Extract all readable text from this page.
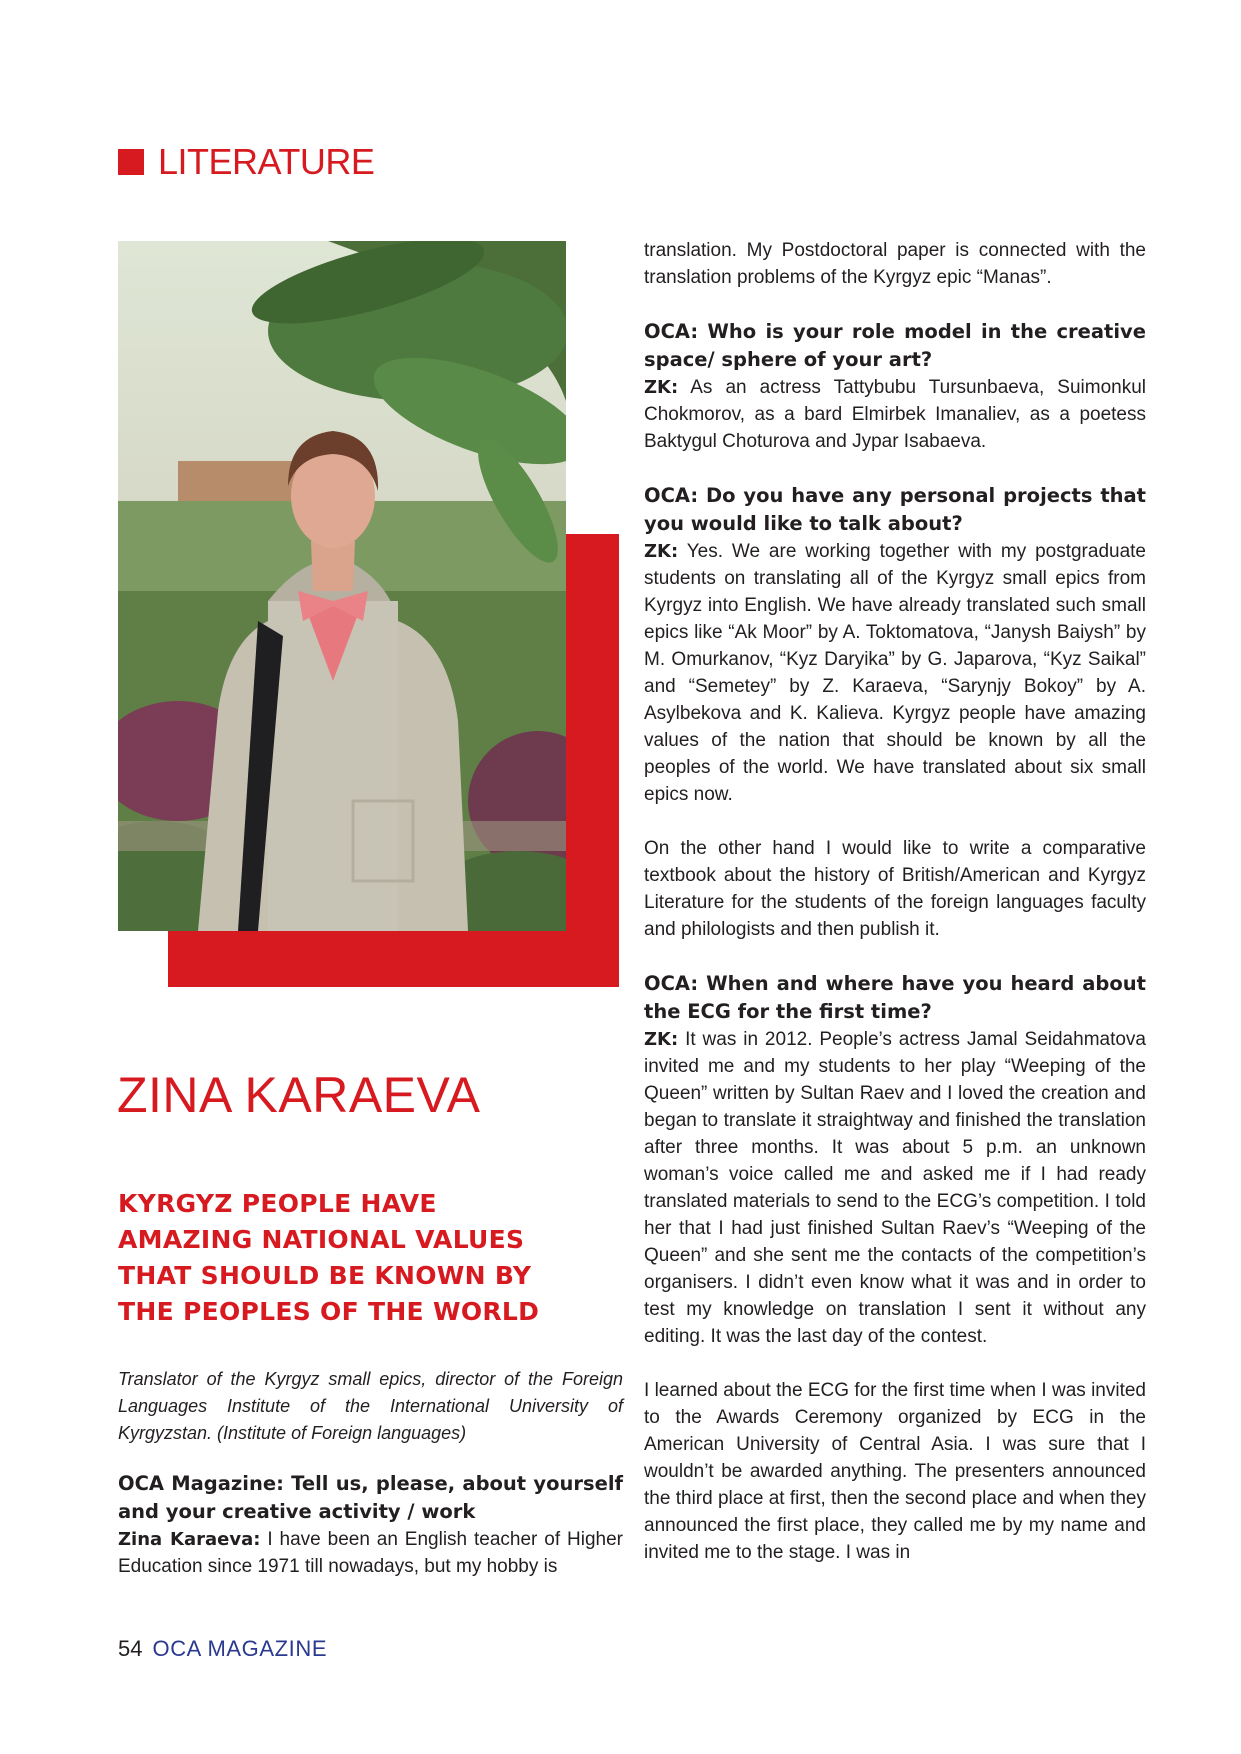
LITERATURE
ZINA KARAEVA
KYRGYZ PEOPLE HAVE
AMAZING NATIONAL VALUES
THAT SHOULD BE KNOWN BY
THE PEOPLES OF THE WORLD
Translator of the Kyrgyz small epics, director of the Foreign Languages Institute of the International University of Kyrgyzstan. (Institute of Foreign languages)
OCA Magazine: Tell us, please, about yourself and your creative activity / work
Zina Karaeva: I have been an English teacher of Higher Education since 1971 till nowadays, but my hobby is

translation. My Postdoctoral paper is connected with the translation problems of the Kyrgyz epic “Manas”.

OCA: Who is your role model in the creative space/ sphere of your art?
ZK: As an actress Tattybubu Tursunbaeva, Suimonkul Chokmorov, as a bard Elmirbek Imanaliev, as a poetess Baktygul Choturova and Jypar Isabaeva.

OCA: Do you have any personal projects that you would like to talk about?
ZK: Yes. We are working together with my postgraduate students on translating all of the Kyrgyz small epics from Kyrgyz into English. We have already translated such small epics like “Ak Moor” by A. Toktomatova, “Janysh Baiysh” by M. Omurkanov, “Kyz Daryika” by G. Japarova, “Kyz Saikal” and “Semetey” by Z. Karaeva, “Sarynjy Bokoy” by A. Asylbekova and K. Kalieva. Kyrgyz people have amazing values of the nation that should be known by all the peoples of the world. We have translated about six small epics now.

On the other hand I would like to write a comparative textbook about the history of British/American and Kyrgyz Literature for the students of the foreign languages faculty and philologists and then publish it.

OCA: When and where have you heard about the ECG for the first time?
ZK: It was in 2012. People’s actress Jamal Seidahmatova invited me and my students to her play “Weeping of the Queen” written by Sultan Raev and I loved the creation and began to translate it straightway and finished the translation after three months. It was about 5 p.m. an unknown woman’s voice called me and asked me if I had ready translated materials to send to the ECG’s competition. I told her that I had just finished Sultan Raev’s “Weeping of the Queen” and she sent me the contacts of the competition’s organisers. I didn’t even know what it was and in order to test my knowledge on translation I sent it without any editing. It was the last day of the contest.

I learned about the ECG for the first time when I was invited to the Awards Ceremony organized by ECG in the American University of Central Asia. I was sure that I wouldn’t be awarded anything. The presenters announced the third place at first, then the second place and when they announced the first place, they called me by my name and invited me to the stage. I was in

54 OCA MAGAZINE
